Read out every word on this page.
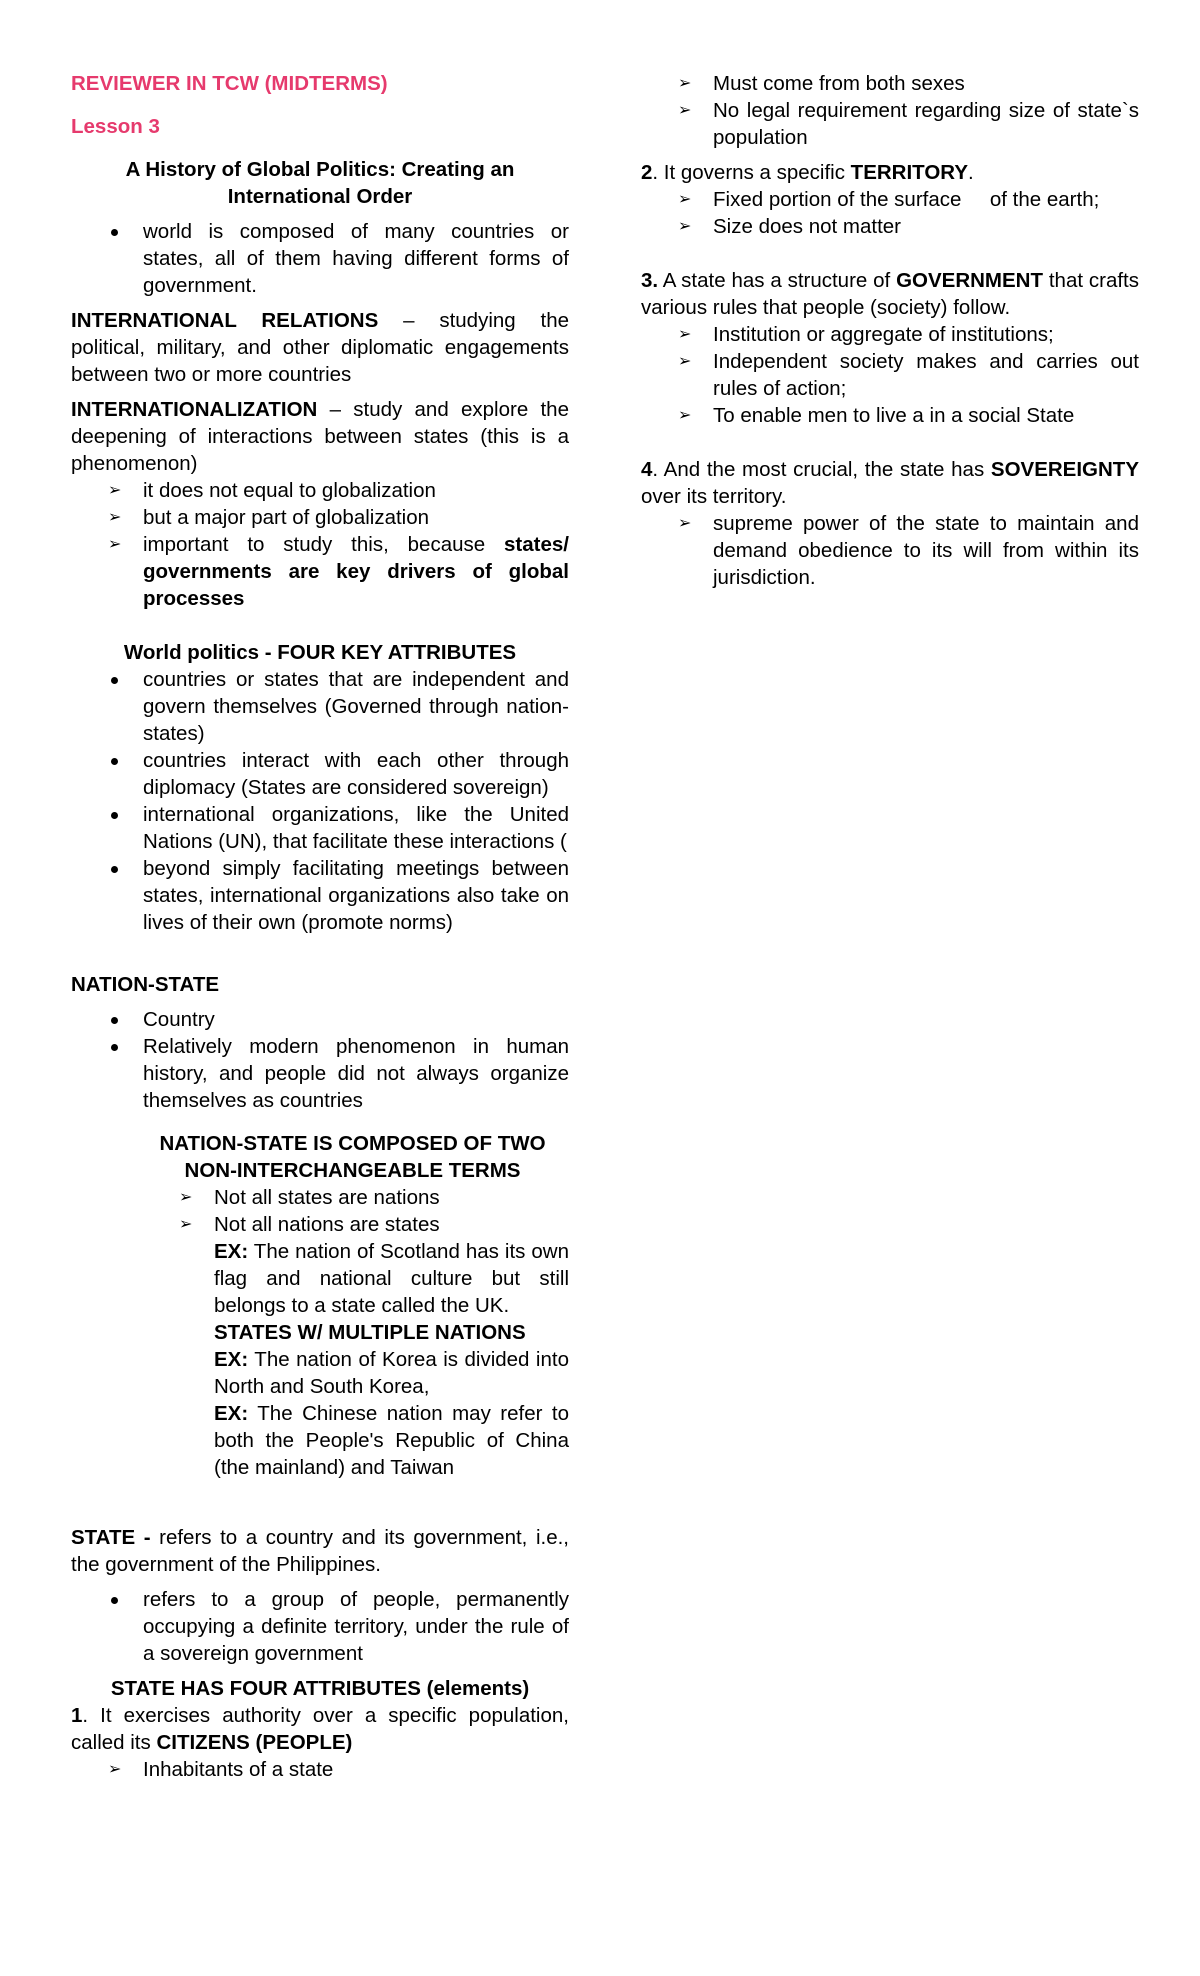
REVIEWER IN TCW (MIDTERMS)

Lesson 3

A History of Global Politics: Creating an International Order

world is composed of many countries or states, all of them having different forms of government.

INTERNATIONAL RELATIONS – studying the political, military, and other diplomatic engagements between two or more countries

INTERNATIONALIZATION – study and explore the deepening of interactions between states (this is a phenomenon)

➢ it does not equal to globalization
➢ but a major part of globalization
➢ important to study this, because states/ governments are key drivers of global processes

World politics - FOUR KEY ATTRIBUTES

countries or states that are independent and govern themselves (Governed through nation-states)
countries interact with each other through diplomacy (States are considered sovereign)
international organizations, like the United Nations (UN), that facilitate these interactions (
beyond simply facilitating meetings between states, international organizations also take on lives of their own (promote norms)

NATION-STATE

Country
Relatively modern phenomenon in human history, and people did not always organize themselves as countries

NATION-STATE IS COMPOSED OF TWO NON-INTERCHANGEABLE TERMS

➢ Not all states are nations
➢ Not all nations are states

EX: The nation of Scotland has its own flag and national culture but still belongs to a state called the UK.

STATES W/ MULTIPLE NATIONS

EX: The nation of Korea is divided into North and South Korea,

EX: The Chinese nation may refer to both the People's Republic of China (the mainland) and Taiwan

STATE - refers to a country and its government, i.e., the government of the Philippines.

refers to a group of people, permanently occupying a definite territory, under the rule of a sovereign government

STATE HAS FOUR ATTRIBUTES (elements)

1. It exercises authority over a specific population, called its CITIZENS (PEOPLE)

➢ Inhabitants of a state
➢ Must come from both sexes
➢ No legal requirement regarding size of state`s population

2. It governs a specific TERRITORY.

➢ Fixed portion of the surface     of the earth;
➢ Size does not matter

3. A state has a structure of GOVERNMENT that crafts various rules that people (society) follow.

➢ Institution or aggregate of institutions;
➢ Independent society makes and carries out rules of action;
➢ To enable men to live a in a social State

4. And the most crucial, the state has SOVEREIGNTY over its territory.

➢ supreme power of the state to maintain and demand obedience to its will from within its jurisdiction.
